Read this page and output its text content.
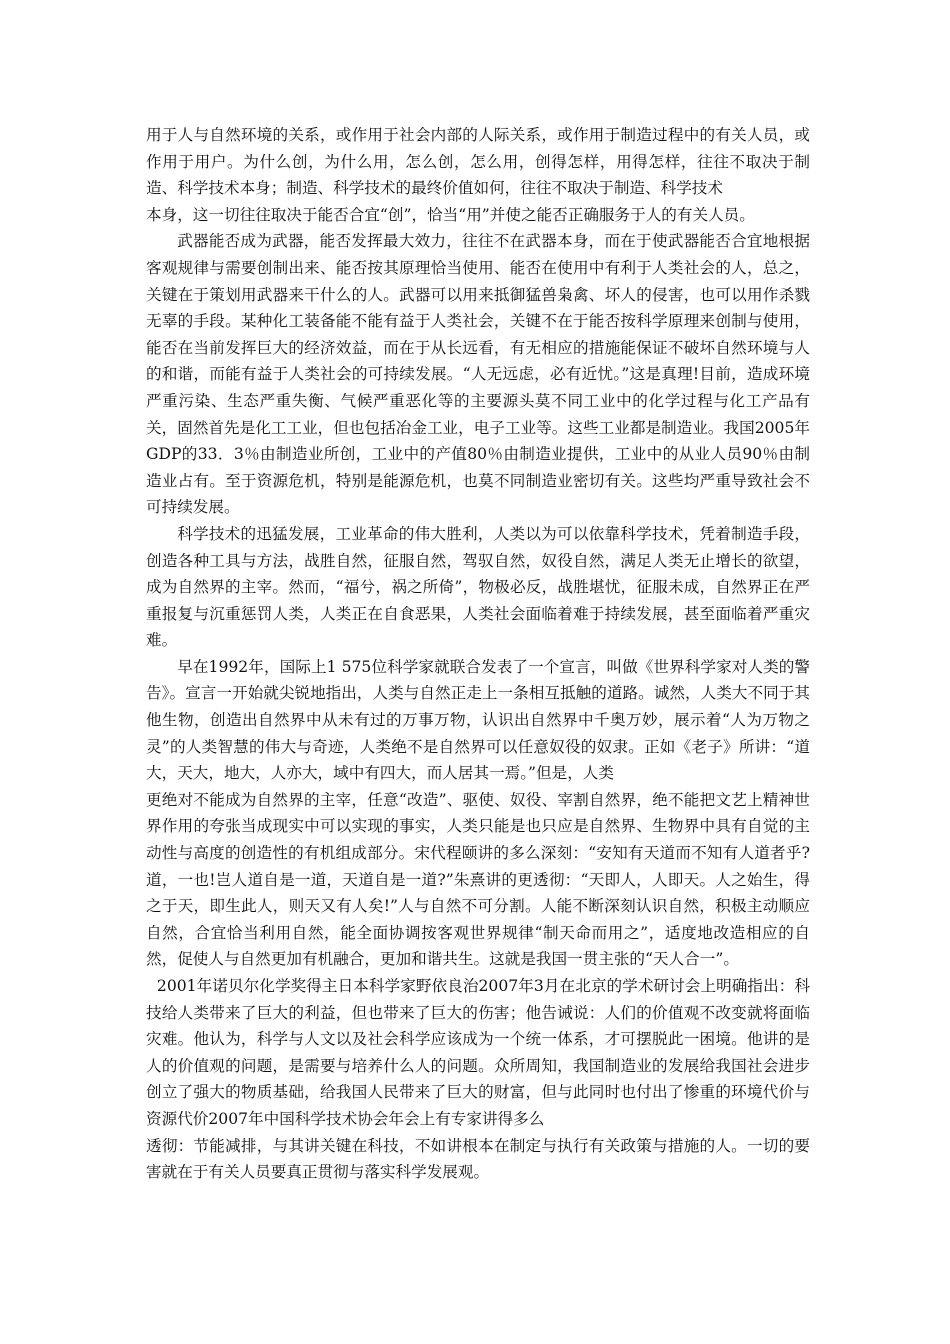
用于人与自然环境的关系，或作用于社会内部的人际关系，或作用于制造过程中的有关人员，或作用于用户。为什么创，为什么用，怎么创，怎么用，创得怎样，用得怎样，往往不取决于制造、科学技术本身；制造、科学技术的最终价值如何，往往不取决于制造、科学技术

本身，这一切往往取决于能否合宜“创”，恰当“用”并使之能否正确服务于人的有关人员。

武器能否成为武器，能否发挥最大效力，往往不在武器本身，而在于使武器能否合宜地根据客观规律与需要创制出来、能否按其原理恰当使用、能否在使用中有利于人类社会的人，总之，关键在于策划用武器来干什么的人。武器可以用来抵御猛兽枭禽、坏人的侵害，也可以用作杀戮无辜的手段。某种化工装备能不能有益于人类社会，关键不在于能否按科学原理来创制与使用，能否在当前发挥巨大的经济效益，而在于从长远看，有无相应的措施能保证不破坏自然环境与人的和谐，而能有益于人类社会的可持续发展。“人无远虑，必有近忧。”这是真理!目前，造成环境严重污染、生态严重失衡、气候严重恶化等的主要源头莫不同工业中的化学过程与化工产品有关，固然首先是化工工业，但也包括冶金工业，电子工业等。这些工业都是制造业。我国2005年GDP的33．3％由制造业所创，工业中的产值80％由制造业提供，工业中的从业人员90％由制造业占有。至于资源危机，特别是能源危机，也莫不同制造业密切有关。这些均严重导致社会不可持续发展。

科学技术的迅猛发展，工业革命的伟大胜利，人类以为可以依靠科学技术，凭着制造手段，创造各种工具与方法，战胜自然，征服自然，驾驭自然，奴役自然，满足人类无止增长的欲望，成为自然界的主宰。然而，“福兮，祸之所倚”，物极必反，战胜堪忧，征服未成，自然界正在严重报复与沉重惩罚人类，人类正在自食恶果，人类社会面临着难于持续发展，甚至面临着严重灾难。

早在1992年，国际上1 575位科学家就联合发表了一个宣言，叫做《世界科学家对人类的警告》。宣言一开始就尖锐地指出，人类与自然正走上一条相互抵触的道路。诚然，人类大不同于其他生物，创造出自然界中从未有过的万事万物，认识出自然界中千奥万妙，展示着“人为万物之灵”的人类智慧的伟大与奇迹，人类绝不是自然界可以任意奴役的奴隶。正如《老子》所讲：“道大，天大，地大，人亦大，域中有四大，而人居其一焉。”但是，人类

更绝对不能成为自然界的主宰，任意“改造”、驱使、奴役、宰割自然界，绝不能把文艺上精神世界作用的夸张当成现实中可以实现的事实，人类只能是也只应是自然界、生物界中具有自觉的主动性与高度的创造性的有机组成部分。宋代程颐讲的多么深刻：“安知有天道而不知有人道者乎?道，一也!岂人道自是一道，天道自是一道?”朱熹讲的更透彻：“天即人，人即天。人之始生，得之于天，即生此人，则天又有人矣!”人与自然不可分割。人能不断深刻认识自然，积极主动顺应自然，合宜恰当利用自然，能全面协调按客观世界规律“制天命而用之”，适度地改造相应的自然，促使人与自然更加有机融合，更加和谐共生。这就是我国一贯主张的“天人合一”。

2001年诺贝尔化学奖得主日本科学家野依良治2007年3月在北京的学术研讨会上明确指出：科技给人类带来了巨大的利益，但也带来了巨大的伤害；他告诫说：人们的价值观不改变就将面临灾难。他认为，科学与人文以及社会科学应该成为一个统一体系，才可摆脱此一困境。他讲的是人的价值观的问题，是需要与培养什么人的问题。众所周知，我国制造业的发展给我国社会进步创立了强大的物质基础，给我国人民带来了巨大的财富，但与此同时也付出了惨重的环境代价与资源代价2007年中国科学技术协会年会上有专家讲得多么

透彻：节能减排，与其讲关键在科技，不如讲根本在制定与执行有关政策与措施的人。一切的要害就在于有关人员要真正贯彻与落实科学发展观。
